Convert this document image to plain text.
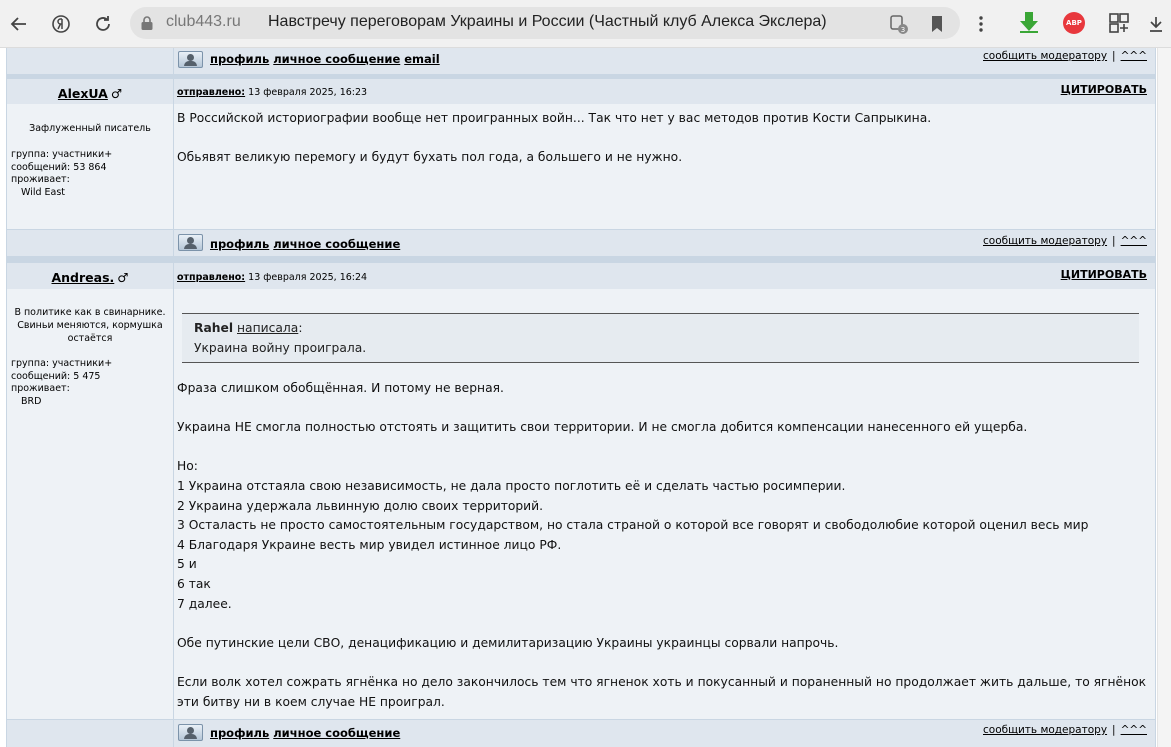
club443.ru Навстречу переговорам Украины и России (Частный клуб Алекса Экслера)	3
ABP
профиль личное сообщение email	сообщить модератору | ^^^
AlexUA ♂
Зафлуженный писатель
группа: участники+
сообщений: 53 864
проживает:
Wild East
отправлено: 13 февраля 2025, 16:23	ЦИТИРОВАТЬ
В Российской историографии вообще нет проигранных войн... Так что нет у вас методов против Кости Сапрыкина.
Обьявят великую перемогу и будут бухать пол года, а большего и не нужно.
профиль личное сообщение	сообщить модератору | ^^^
Andreas. ♂
В политике как в свинарнике. Свиньи меняются, кормушка остаётся
группа: участники+
сообщений: 5 475
проживает:
BRD
отправлено: 13 февраля 2025, 16:24	ЦИТИРОВАТЬ
Rahel написала:
Украина войну проиграла.
Фраза слишком обобщённая. И потому не верная.
Украина НЕ смогла полностью отстоять и защитить свои территории. И не смогла добится компенсации нанесенного ей ущерба.
Но:
1 Украина отстаяла свою независимость, не дала просто поглотить её и сделать частью росимперии.
2 Украина удержала львинную долю своих территорий.
3 Осталасть не просто самостоятельным государством, но стала страной о которой все говорят и свободолюбие которой оценил весь мир
4 Благодаря Украине весть мир увидел истинное лицо РФ.
5 и
6 так
7 далее.
Обе путинские цели СВО, денацификацию и демилитаризацию Украины украинцы сорвали напрочь.
Если волк хотел сожрать ягнёнка но дело закончилось тем что ягненок хоть и покусанный и пораненный но продолжает жить дальше, то ягнёнок эти битву ни в коем случае НЕ проиграл.
профиль личное сообщение	сообщить модератору | ^^^
